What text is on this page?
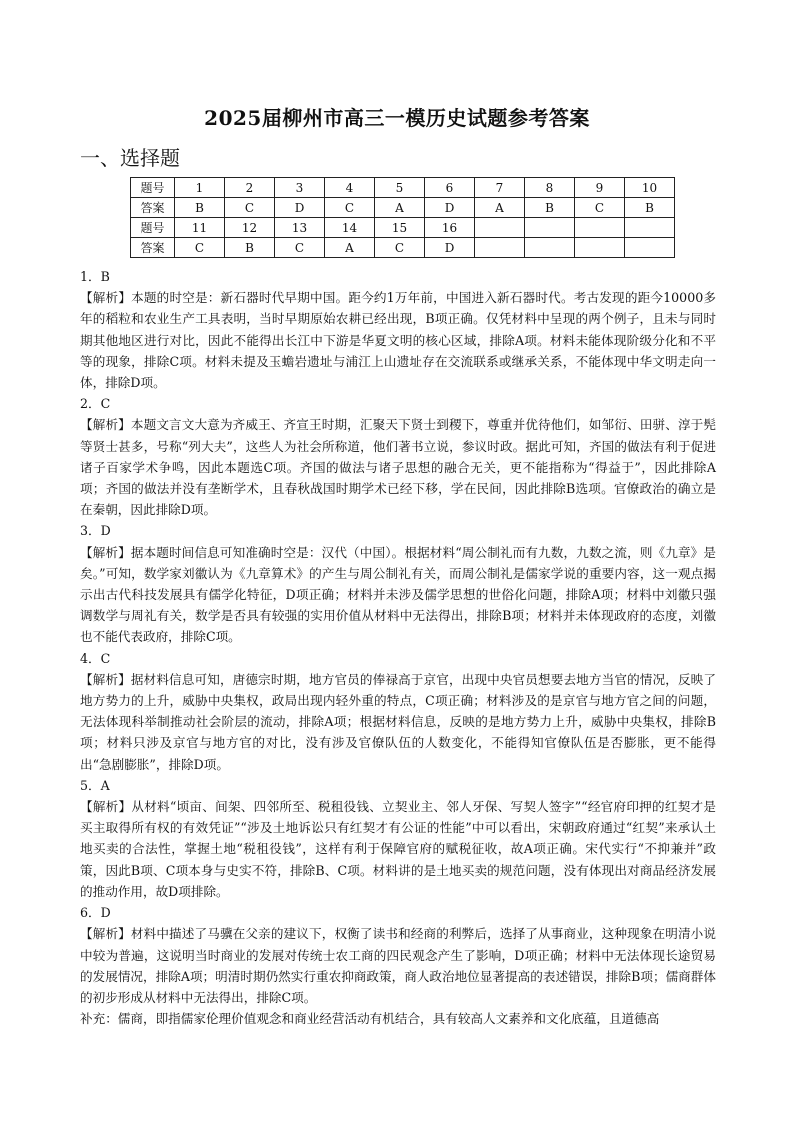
2025届柳州市高三一模历史试题参考答案
一、选择题
题号	1	2	3	4	5	6	7	8	9	10
答案	B	C	D	C	A	D	A	B	C	B
题号	11	12	13	14	15	16				
答案	C	B	C	A	C	D				

1．B

【解析】本题的时空是：新石器时代早期中国。距今约1万年前，中国进入新石器时代。考古发现的距今10000多年的稻粒和农业生产工具表明，当时早期原始农耕已经出现，B项正确。仅凭材料中呈现的两个例子，且未与同时期其他地区进行对比，因此不能得出长江中下游是华夏文明的核心区域，排除A项。材料未能体现阶级分化和不平等的现象，排除C项。材料未提及玉蟾岩遗址与浦江上山遗址存在交流联系或继承关系，不能体现中华文明走向一体，排除D项。

2．C

【解析】本题文言文大意为齐威王、齐宣王时期，汇聚天下贤士到稷下，尊重并优待他们，如邹衍、田骈、淳于髡等贤士甚多，号称“列大夫”，这些人为社会所称道，他们著书立说，参议时政。据此可知，齐国的做法有利于促进诸子百家学术争鸣，因此本题选C项。齐国的做法与诸子思想的融合无关，更不能指称为“得益于”，因此排除A项；齐国的做法并没有垄断学术，且春秋战国时期学术已经下移，学在民间，因此排除B选项。官僚政治的确立是在秦朝，因此排除D项。

3．D

【解析】据本题时间信息可知准确时空是：汉代（中国）。根据材料“周公制礼而有九数，九数之流，则《九章》是矣。”可知，数学家刘徽认为《九章算术》的产生与周公制礼有关，而周公制礼是儒家学说的重要内容，这一观点揭示出古代科技发展具有儒学化特征，D项正确；材料并未涉及儒学思想的世俗化问题，排除A项；材料中刘徽只强调数学与周礼有关，数学是否具有较强的实用价值从材料中无法得出，排除B项；材料并未体现政府的态度，刘徽也不能代表政府，排除C项。

4．C

【解析】据材料信息可知，唐德宗时期，地方官员的俸禄高于京官，出现中央官员想要去地方当官的情况，反映了地方势力的上升，威胁中央集权，政局出现内轻外重的特点，C项正确；材料涉及的是京官与地方官之间的问题，无法体现科举制推动社会阶层的流动，排除A项；根据材料信息，反映的是地方势力上升，威胁中央集权，排除B项；材料只涉及京官与地方官的对比，没有涉及官僚队伍的人数变化，不能得知官僚队伍是否膨胀，更不能得出“急剧膨胀”，排除D项。

5．A

【解析】从材料“顷亩、间架、四邻所至、税租役钱、立契业主、邻人牙保、写契人签字”“经官府印押的红契才是买主取得所有权的有效凭证”“涉及土地诉讼只有红契才有公证的性能”中可以看出，宋朝政府通过“红契”来承认土地买卖的合法性，掌握土地“税租役钱”，这样有利于保障官府的赋税征收，故A项正确。宋代实行“不抑兼并”政策，因此B项、C项本身与史实不符，排除B、C项。材料讲的是土地买卖的规范问题，没有体现出对商品经济发展的推动作用，故D项排除。

6．D

【解析】材料中描述了马骥在父亲的建议下，权衡了读书和经商的利弊后，选择了从事商业，这种现象在明清小说中较为普遍，这说明当时商业的发展对传统士农工商的四民观念产生了影响，D项正确；材料中无法体现长途贸易的发展情况，排除A项；明清时期仍然实行重农抑商政策，商人政治地位显著提高的表述错误，排除B项；儒商群体的初步形成从材料中无法得出，排除C项。

补充：儒商，即指儒家伦理价值观念和商业经营活动有机结合，具有较高人文素养和文化底蕴，且道德高
